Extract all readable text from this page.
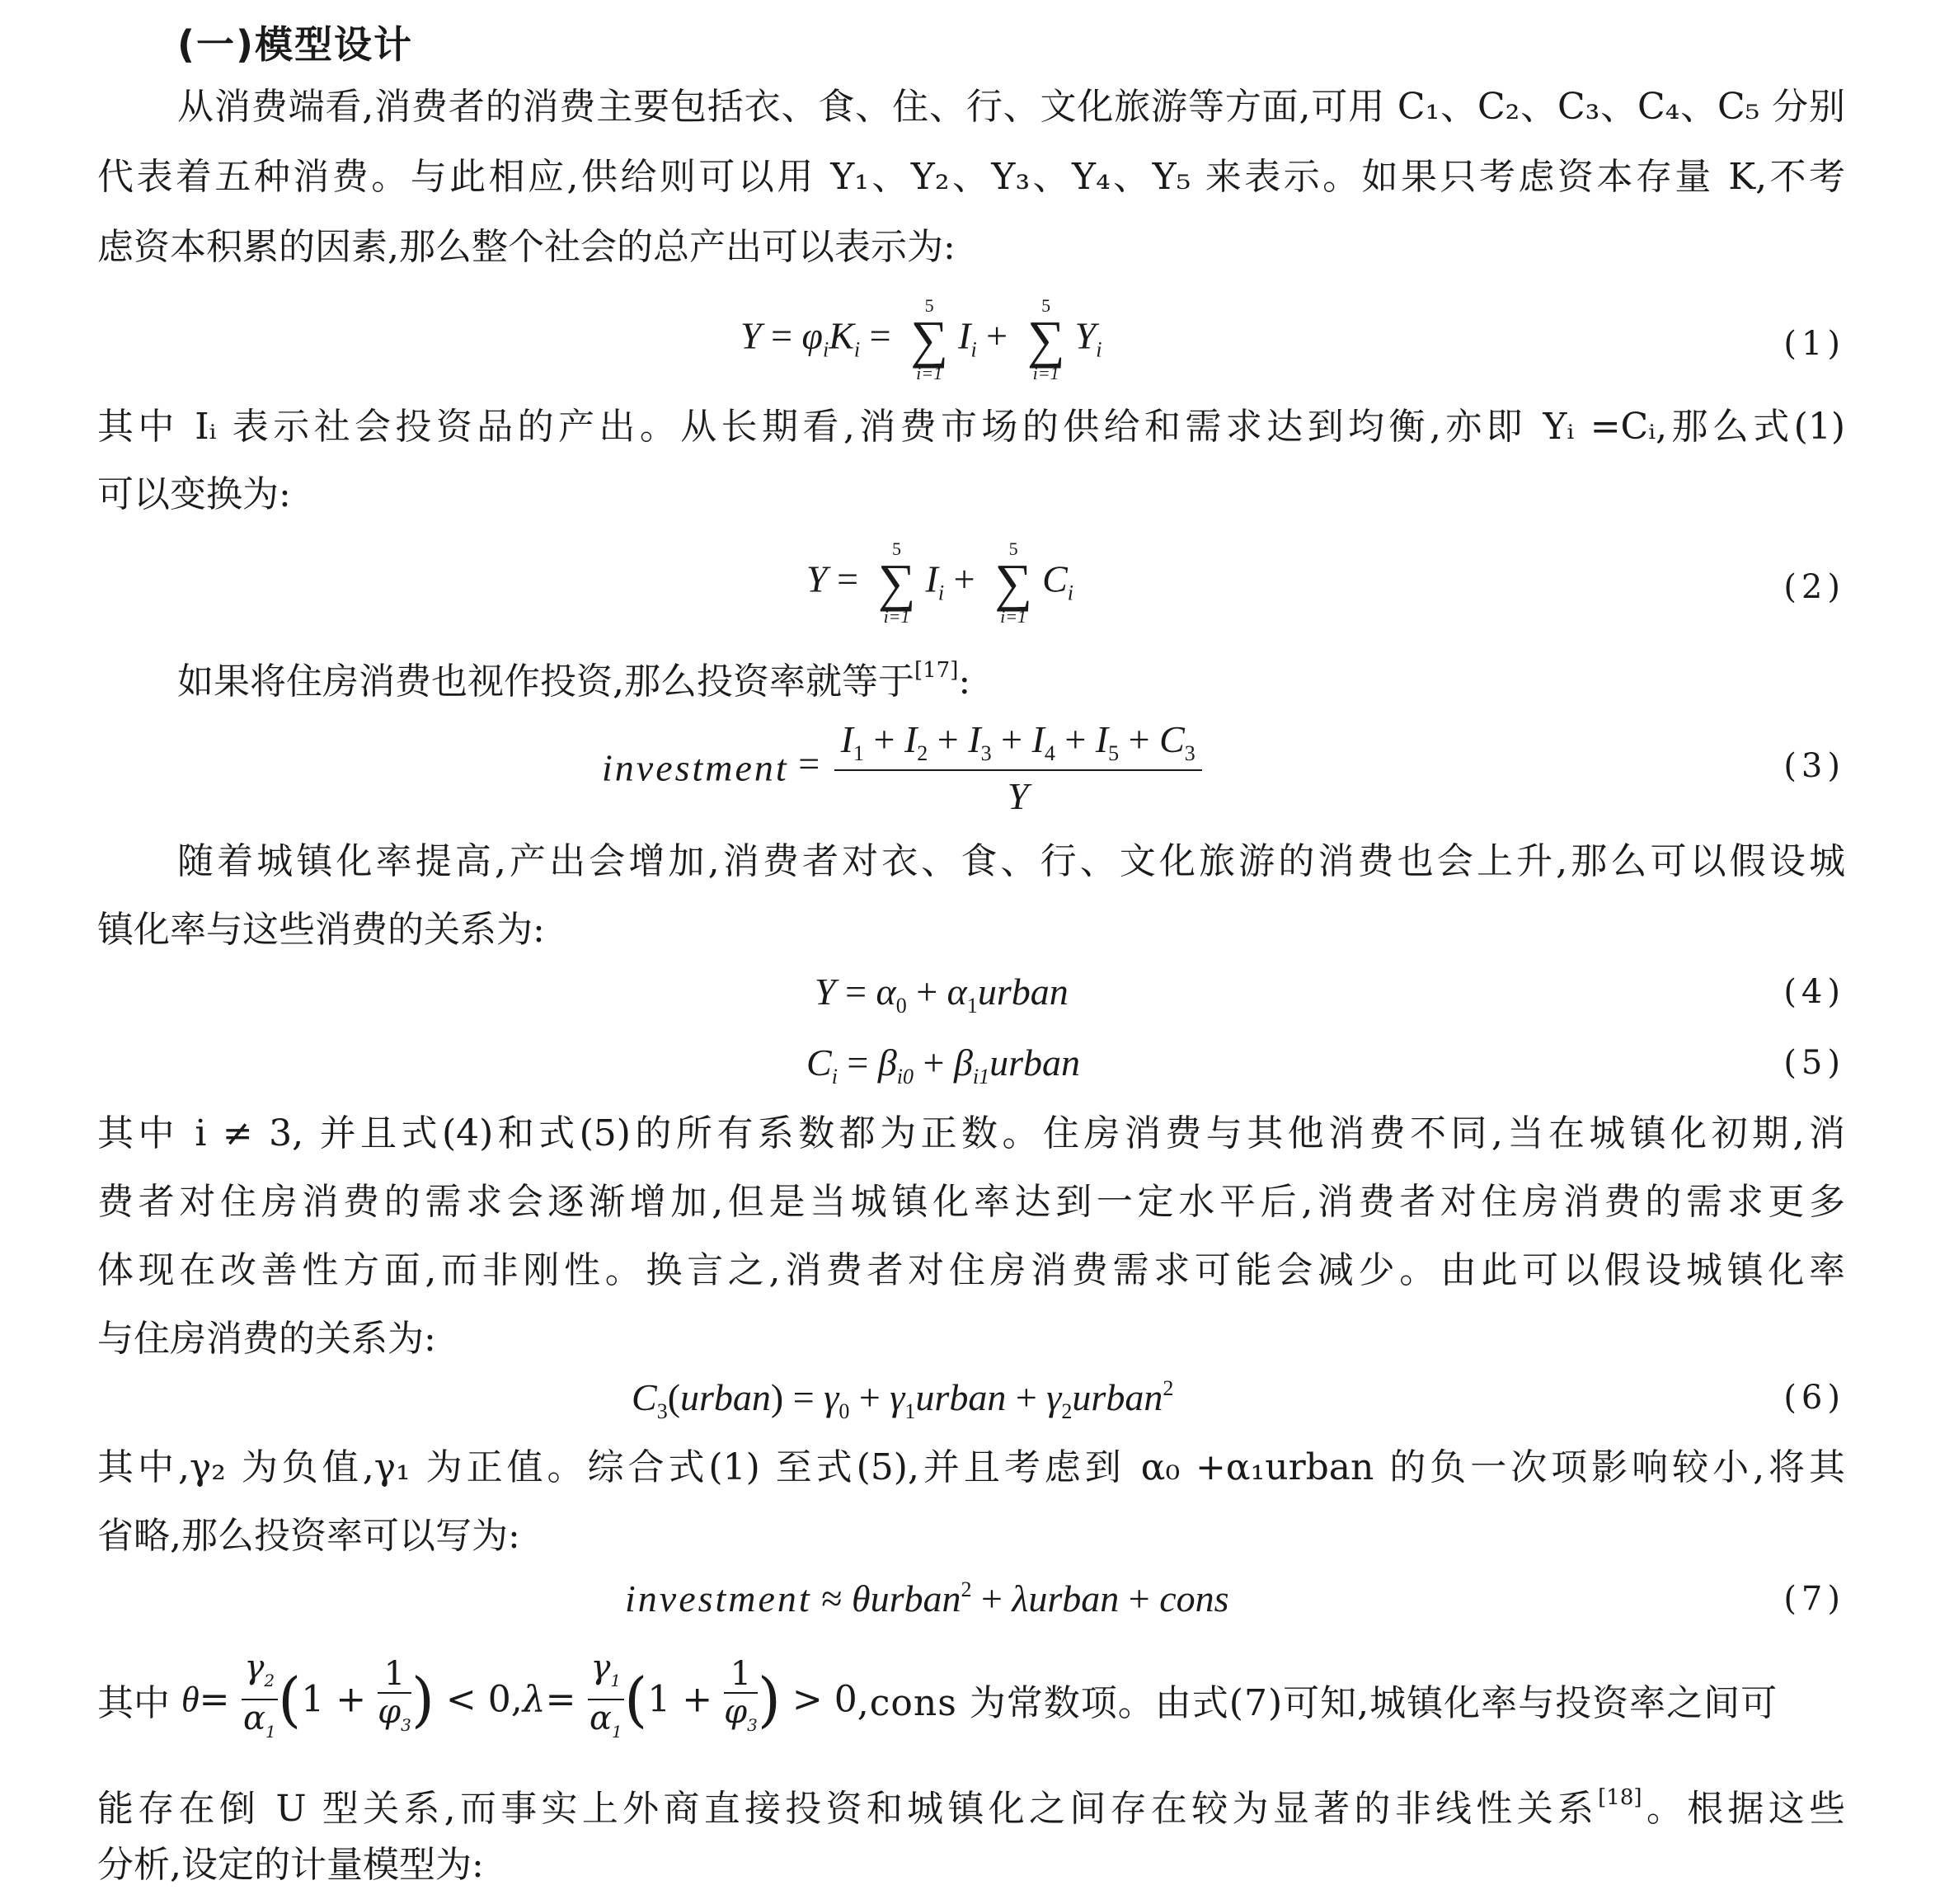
(一)模型设计
从消费端看,消费者的消费主要包括衣、食、住、行、文化旅游等方面,可用 C₁、C₂、C₃、C₄、C₅ 分别
代表着五种消费。与此相应,供给则可以用 Y₁、Y₂、Y₃、Y₄、Y₅ 来表示。如果只考虑资本存量 K,不考
虑资本积累的因素,那么整个社会的总产出可以表示为:
$Y = \varphi_iK_i$ =
5
∑
i=1
$I_i$ +
5
∑
i=1
$Y_i$	(1)
其中 Iᵢ 表示社会投资品的产出。从长期看,消费市场的供给和需求达到均衡,亦即 Yᵢ =Cᵢ,那么式(1)
可以变换为:
Y =
5
∑
i=1
$I_i$ +
5
∑
i=1
$C_i$	(2)
如果将住房消费也视作投资,那么投资率就等于[17]:
investment = $\frac{I_1 + I_2 + I_3 + I_4 + I_5 + C_3}{Y}$	(3)
随着城镇化率提高,产出会增加,消费者对衣、食、行、文化旅游的消费也会上升,那么可以假设城
镇化率与这些消费的关系为:
$Y = \alpha_0$ + $\alpha_1urban$	(4)
$C_i = \beta_{i0}$ + $\beta_{i1}urban$	(5)
其中 i ≠ 3, 并且式(4)和式(5)的所有系数都为正数。住房消费与其他消费不同,当在城镇化初期,消
费者对住房消费的需求会逐渐增加,但是当城镇化率达到一定水平后,消费者对住房消费的需求更多
体现在改善性方面,而非刚性。换言之,消费者对住房消费需求可能会减少。由此可以假设城镇化率
与住房消费的关系为:
$C_3(urban) = \gamma_0$ + $\gamma_1urban$ + $\gamma_2urban^2$	(6)
其中,γ₂ 为负值,γ₁ 为正值。综合式(1) 至式(5),并且考虑到 α₀ +α₁urban 的负一次项影响较小,将其
省略,那么投资率可以写为:
investment ≈ θurban$^2$ + λurban + cons	(7)
其中 $\theta= \frac{\gamma_2}{\alpha_1} (1 + \frac{1}{\varphi_3}$ ) < $0,\lambda= \frac{\gamma_1}{\alpha_1} (1 + \frac{1}{\varphi_3}$ ) > 0,cons 为常数项。由式(7)可知,城镇化率与投资率之间可
能存在倒 U 型关系,而事实上外商直接投资和城镇化之间存在较为显著的非线性关系[18]。根据这些
分析,设定的计量模型为:
